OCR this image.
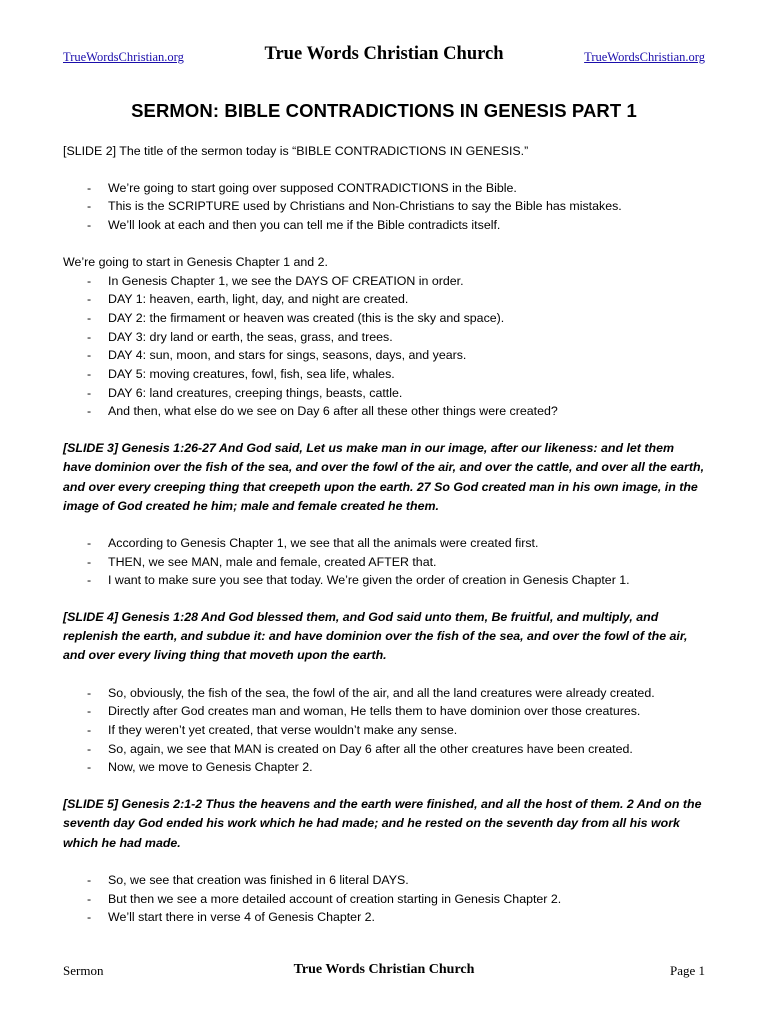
TrueWordsChristian.org	True Words Christian Church	TrueWordsChristian.org
SERMON: BIBLE CONTRADICTIONS IN GENESIS PART 1

[SLIDE 2] The title of the sermon today is “BIBLE CONTRADICTIONS IN GENESIS.”

- We’re going to start going over supposed CONTRADICTIONS in the Bible.
- This is the SCRIPTURE used by Christians and Non-Christians to say the Bible has mistakes.
- We’ll look at each and then you can tell me if the Bible contradicts itself.

We’re going to start in Genesis Chapter 1 and 2.

- In Genesis Chapter 1, we see the DAYS OF CREATION in order.
- DAY 1: heaven, earth, light, day, and night are created.
- DAY 2: the firmament or heaven was created (this is the sky and space).
- DAY 3: dry land or earth, the seas, grass, and trees.
- DAY 4: sun, moon, and stars for sings, seasons, days, and years.
- DAY 5: moving creatures, fowl, fish, sea life, whales.
- DAY 6: land creatures, creeping things, beasts, cattle.
- And then, what else do we see on Day 6 after all these other things were created?

[SLIDE 3] Genesis 1:26-27 And God said, Let us make man in our image, after our likeness: and let them have dominion over the fish of the sea, and over the fowl of the air, and over the cattle, and over all the earth, and over every creeping thing that creepeth upon the earth. 27 So God created man in his own image, in the image of God created he him; male and female created he them.

- According to Genesis Chapter 1, we see that all the animals were created first.
- THEN, we see MAN, male and female, created AFTER that.
- I want to make sure you see that today. We’re given the order of creation in Genesis Chapter 1.

[SLIDE 4] Genesis 1:28 And God blessed them, and God said unto them, Be fruitful, and multiply, and replenish the earth, and subdue it: and have dominion over the fish of the sea, and over the fowl of the air, and over every living thing that moveth upon the earth.

- So, obviously, the fish of the sea, the fowl of the air, and all the land creatures were already created.
- Directly after God creates man and woman, He tells them to have dominion over those creatures.
- If they weren’t yet created, that verse wouldn’t make any sense.
- So, again, we see that MAN is created on Day 6 after all the other creatures have been created.
- Now, we move to Genesis Chapter 2.

[SLIDE 5] Genesis 2:1-2 Thus the heavens and the earth were finished, and all the host of them. 2 And on the seventh day God ended his work which he had made; and he rested on the seventh day from all his work which he had made.

- So, we see that creation was finished in 6 literal DAYS.
- But then we see a more detailed account of creation starting in Genesis Chapter 2.
- We’ll start there in verse 4 of Genesis Chapter 2.
Sermon	True Words Christian Church	Page 1
